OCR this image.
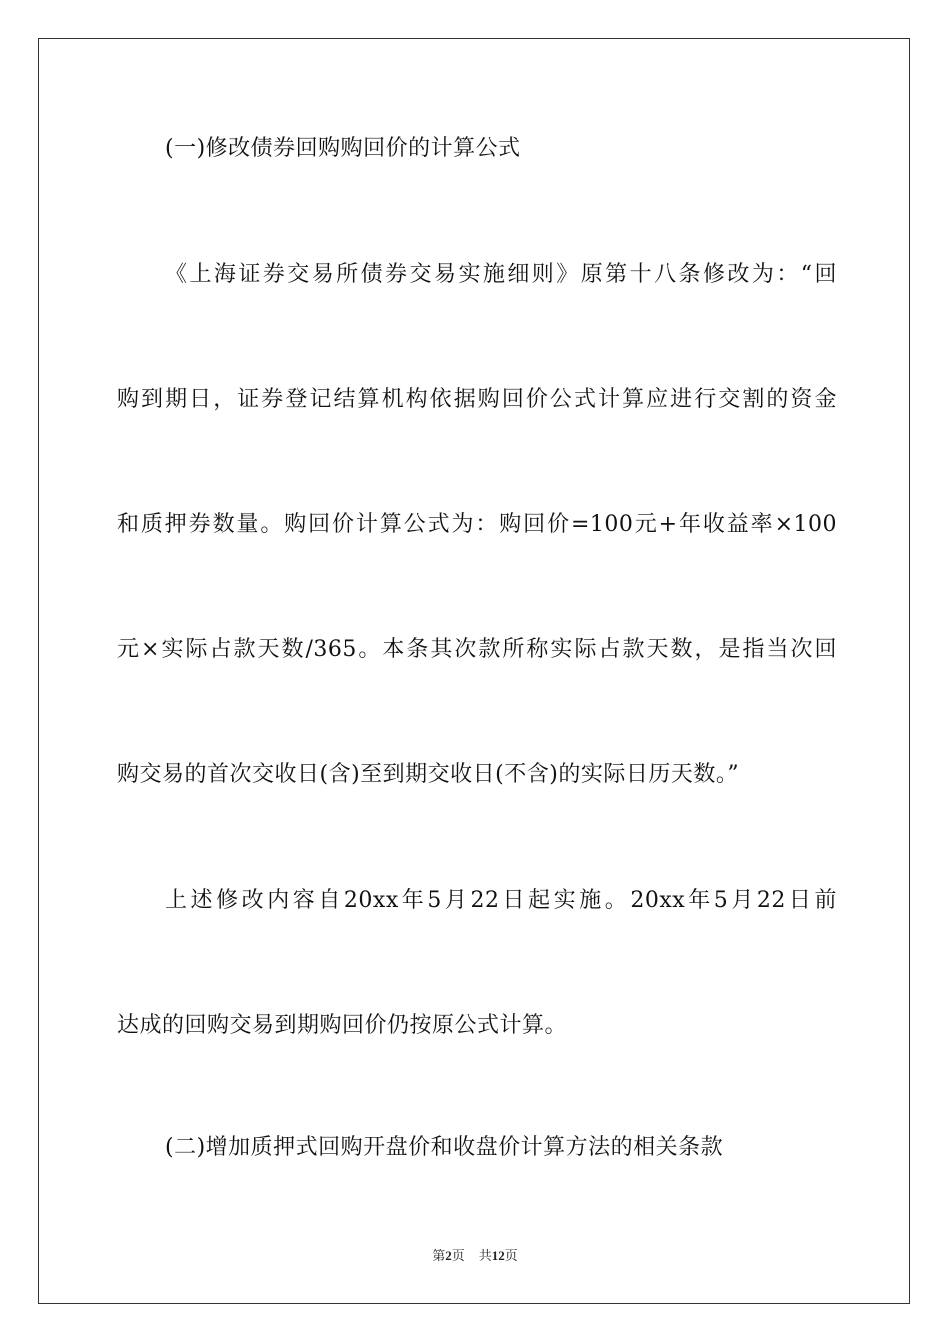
(一)修改债券回购购回价的计算公式
《上海证券交易所债券交易实施细则》原第十八条修改为：“回
购到期日，证券登记结算机构依据购回价公式计算应进行交割的资金
和质押券数量。购回价计算公式为：购回价=100元+年收益率×100
元×实际占款天数/365。本条其次款所称实际占款天数，是指当次回
购交易的首次交收日(含)至到期交收日(不含)的实际日历天数。”
上述修改内容自20xx年5月22日起实施。20xx年5月22日前
达成的回购交易到期购回价仍按原公式计算。
(二)增加质押式回购开盘价和收盘价计算方法的相关条款
第2页 共12页
